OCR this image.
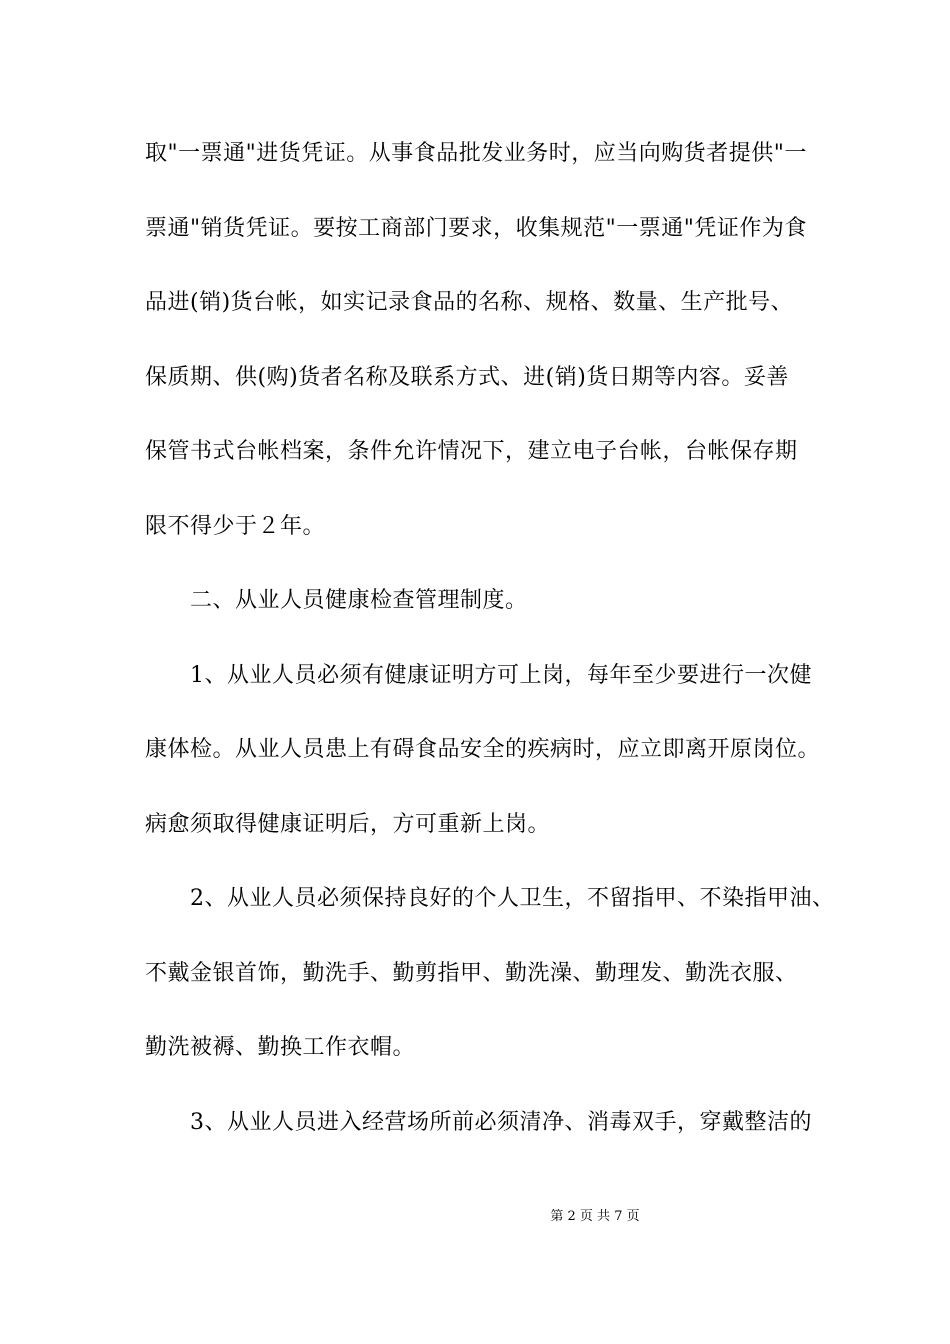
取"一票通"进货凭证。从事食品批发业务时，应当向购货者提供"一
票通"销货凭证。要按工商部门要求，收集规范"一票通"凭证作为食
品进(销)货台帐，如实记录食品的名称、规格、数量、生产批号、
保质期、供(购)货者名称及联系方式、进(销)货日期等内容。妥善
保管书式台帐档案，条件允许情况下，建立电子台帐，台帐保存期
限不得少于２年。
　　二、从业人员健康检查管理制度。
　　1、从业人员必须有健康证明方可上岗，每年至少要进行一次健
康体检。从业人员患上有碍食品安全的疾病时，应立即离开原岗位。
病愈须取得健康证明后，方可重新上岗。
　　2、从业人员必须保持良好的个人卫生，不留指甲、不染指甲油、
不戴金银首饰，勤洗手、勤剪指甲、勤洗澡、勤理发、勤洗衣服、
勤洗被褥、勤换工作衣帽。
　　3、从业人员进入经营场所前必须清净、消毒双手，穿戴整洁的
第 2 页 共 7 页
